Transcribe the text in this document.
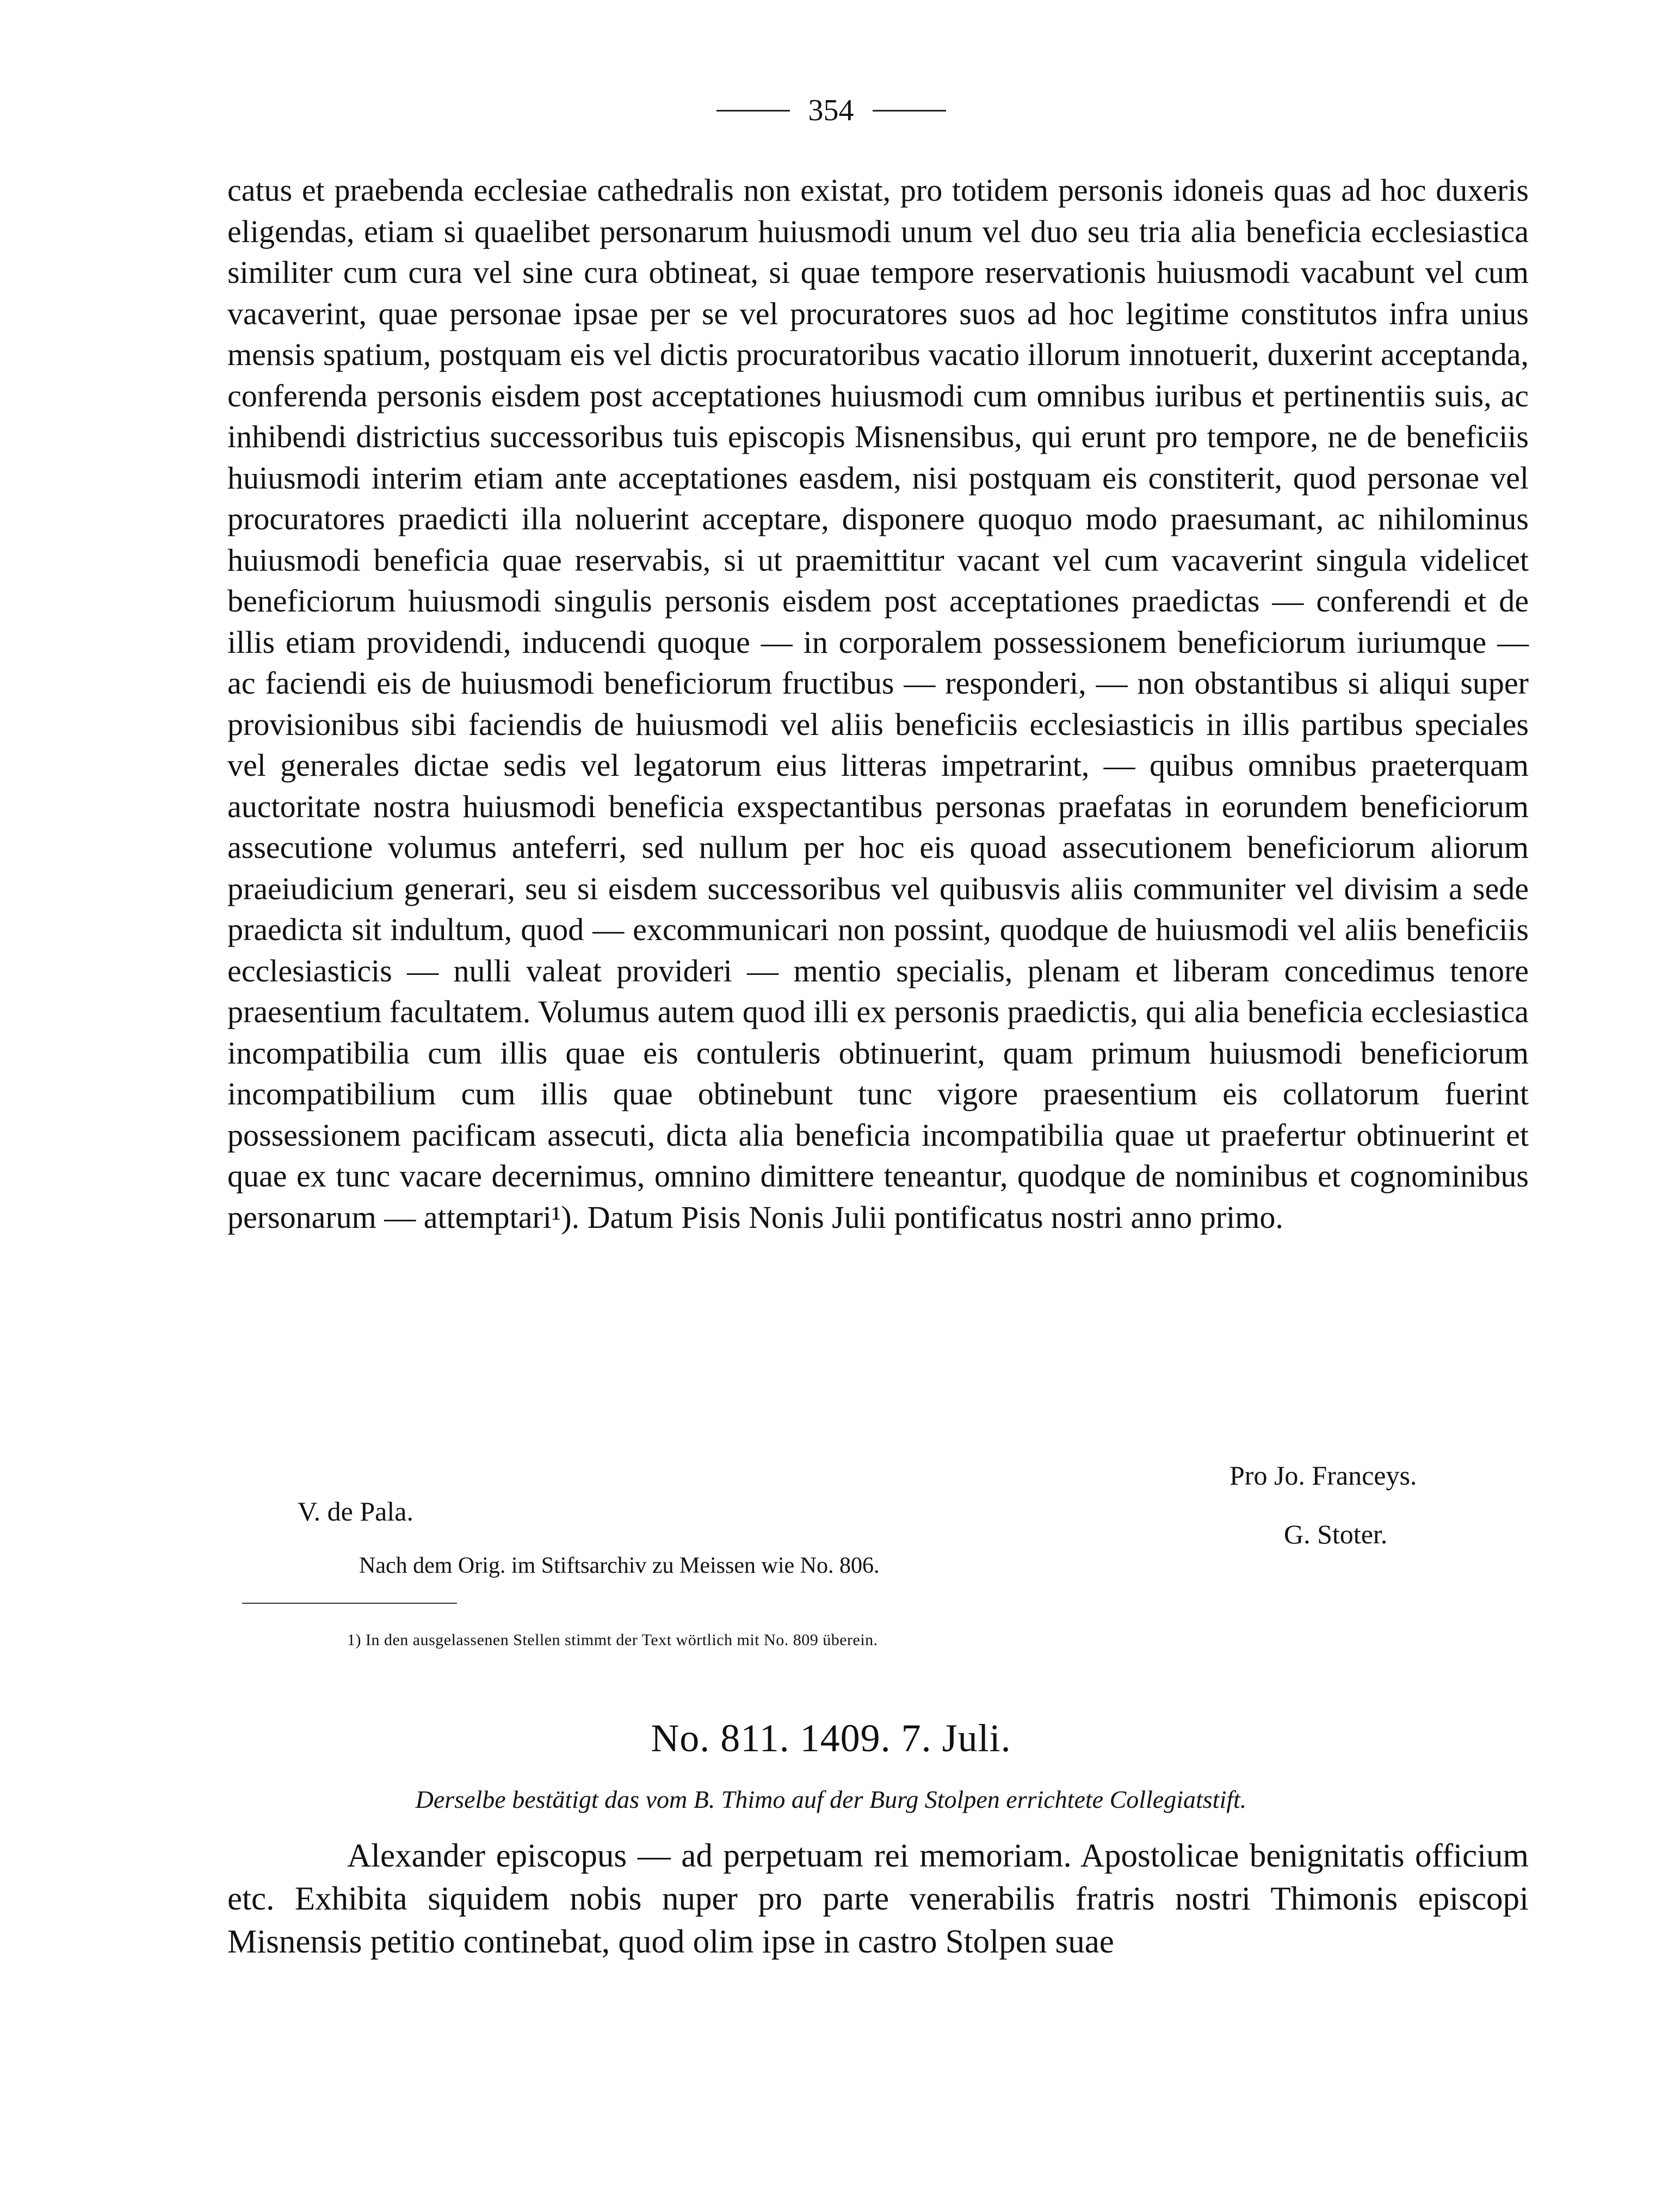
354

catus et praebenda ecclesiae cathedralis non existat, pro totidem personis idoneis quas ad hoc duxeris eligendas, etiam si quaelibet personarum huiusmodi unum vel duo seu tria alia beneficia ecclesiastica similiter cum cura vel sine cura obtineat, si quae tempore reservationis huiusmodi vacabunt vel cum vacaverint, quae personae ipsae per se vel procuratores suos ad hoc legitime constitutos infra unius mensis spatium, postquam eis vel dictis procuratoribus vacatio illorum innotuerit, duxerint acceptanda, conferenda personis eisdem post acceptationes huiusmodi cum omnibus iuribus et pertinentiis suis, ac inhibendi districtius successoribus tuis episcopis Misnensibus, qui erunt pro tempore, ne de beneficiis huiusmodi interim etiam ante acceptationes easdem, nisi postquam eis constiterit, quod personae vel procuratores praedicti illa noluerint acceptare, disponere quoquo modo praesumant, ac nihilominus huiusmodi beneficia quae reservabis, si ut praemittitur vacant vel cum vacaverint singula videlicet beneficiorum huiusmodi singulis personis eisdem post acceptationes praedictas — conferendi et de illis etiam providendi, inducendi quoque — in corporalem possessionem beneficiorum iuriumque — ac faciendi eis de huiusmodi beneficiorum fructibus — responderi, — non obstantibus si aliqui super provisionibus sibi faciendis de huiusmodi vel aliis beneficiis ecclesiasticis in illis partibus speciales vel generales dictae sedis vel legatorum eius litteras impetrarint, — quibus omnibus praeterquam auctoritate nostra huiusmodi beneficia exspectantibus personas praefatas in eorundem beneficiorum assecutione volumus anteferri, sed nullum per hoc eis quoad assecutionem beneficiorum aliorum praeiudicium generari, seu si eisdem successoribus vel quibusvis aliis communiter vel divisim a sede praedicta sit indultum, quod — excommunicari non possint, quodque de huiusmodi vel aliis beneficiis ecclesiasticis — nulli valeat provideri — mentio specialis, plenam et liberam concedimus tenore praesentium facultatem. Volumus autem quod illi ex personis praedictis, qui alia beneficia ecclesiastica incompatibilia cum illis quae eis contuleris obtinuerint, quam primum huiusmodi beneficiorum incompatibilium cum illis quae obtinebunt tunc vigore praesentium eis collatorum fuerint possessionem pacificam assecuti, dicta alia beneficia incompatibilia quae ut praefertur obtinuerint et quae ex tunc vacare decernimus, omnino dimittere teneantur, quodque de nominibus et cognominibus personarum — attemptari¹). Datum Pisis Nonis Julii pontificatus nostri anno primo.

Pro Jo. Franceys.
V. de Pala.
G. Stoter.
Nach dem Orig. im Stiftsarchiv zu Meissen wie No. 806.
1) In den ausgelassenen Stellen stimmt der Text wörtlich mit No. 809 überein.
No. 811. 1409. 7. Juli.
Derselbe bestätigt das vom B. Thimo auf der Burg Stolpen errichtete Collegiatstift.

Alexander episcopus — ad perpetuam rei memoriam. Apostolicae benignitatis officium etc. Exhibita siquidem nobis nuper pro parte venerabilis fratris nostri Thimonis episcopi Misnensis petitio continebat, quod olim ipse in castro Stolpen suae
